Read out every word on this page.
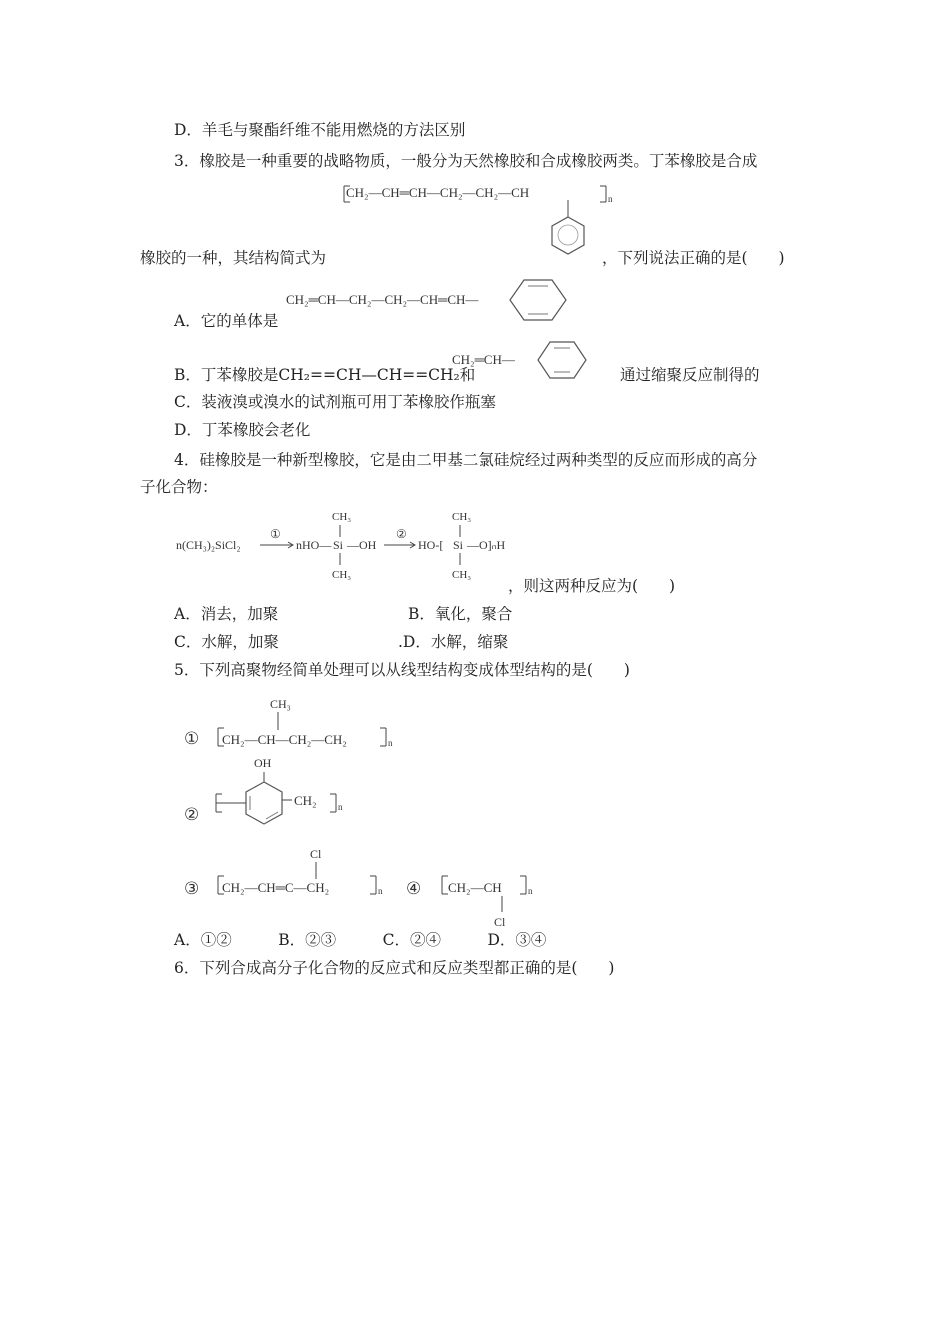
D．羊毛与聚酯纤维不能用燃烧的方法区别
3．橡胶是一种重要的战略物质，一般分为天然橡胶和合成橡胶两类。丁苯橡胶是合成
CH₂—CH═CH—CH₂—CH₂—CH	n
橡胶的一种，其结构简式为	，下列说法正确的是(　　)
CH₂═CH—CH₂—CH₂—CH═CH—
A．它的单体是
CH₂═CH—
B．丁苯橡胶是CH₂==CH—CH==CH₂和	通过缩聚反应制得的
C．装液溴或溴水的试剂瓶可用丁苯橡胶作瓶塞
D．丁苯橡胶会老化
4．硅橡胶是一种新型橡胶，它是由二甲基二氯硅烷经过两种类型的反应而形成的高分
子化合物：
n(CH₃)₂SiCl₂
①
nHO— Si —OH
CH₃
CH₃
②
HO-[ Si —O]ₙH
CH₃
CH₃
，则这两种反应为(　　)
A．消去，加聚	B．氧化，聚合
C．水解，加聚	.D．水解，缩聚
5．下列高聚物经简单处理可以从线型结构变成体型结构的是(　　)
① CH₂—CH—CH₂—CH₂
CH₃
n
②
OH
CH₂ n
③ CH₂—CH═C—CH₂
Cl
n ④ CH₂—CH
Cl
n
A．①②　　　B．②③　　　C．②④　　　D．③④
6．下列合成高分子化合物的反应式和反应类型都正确的是(　　)
